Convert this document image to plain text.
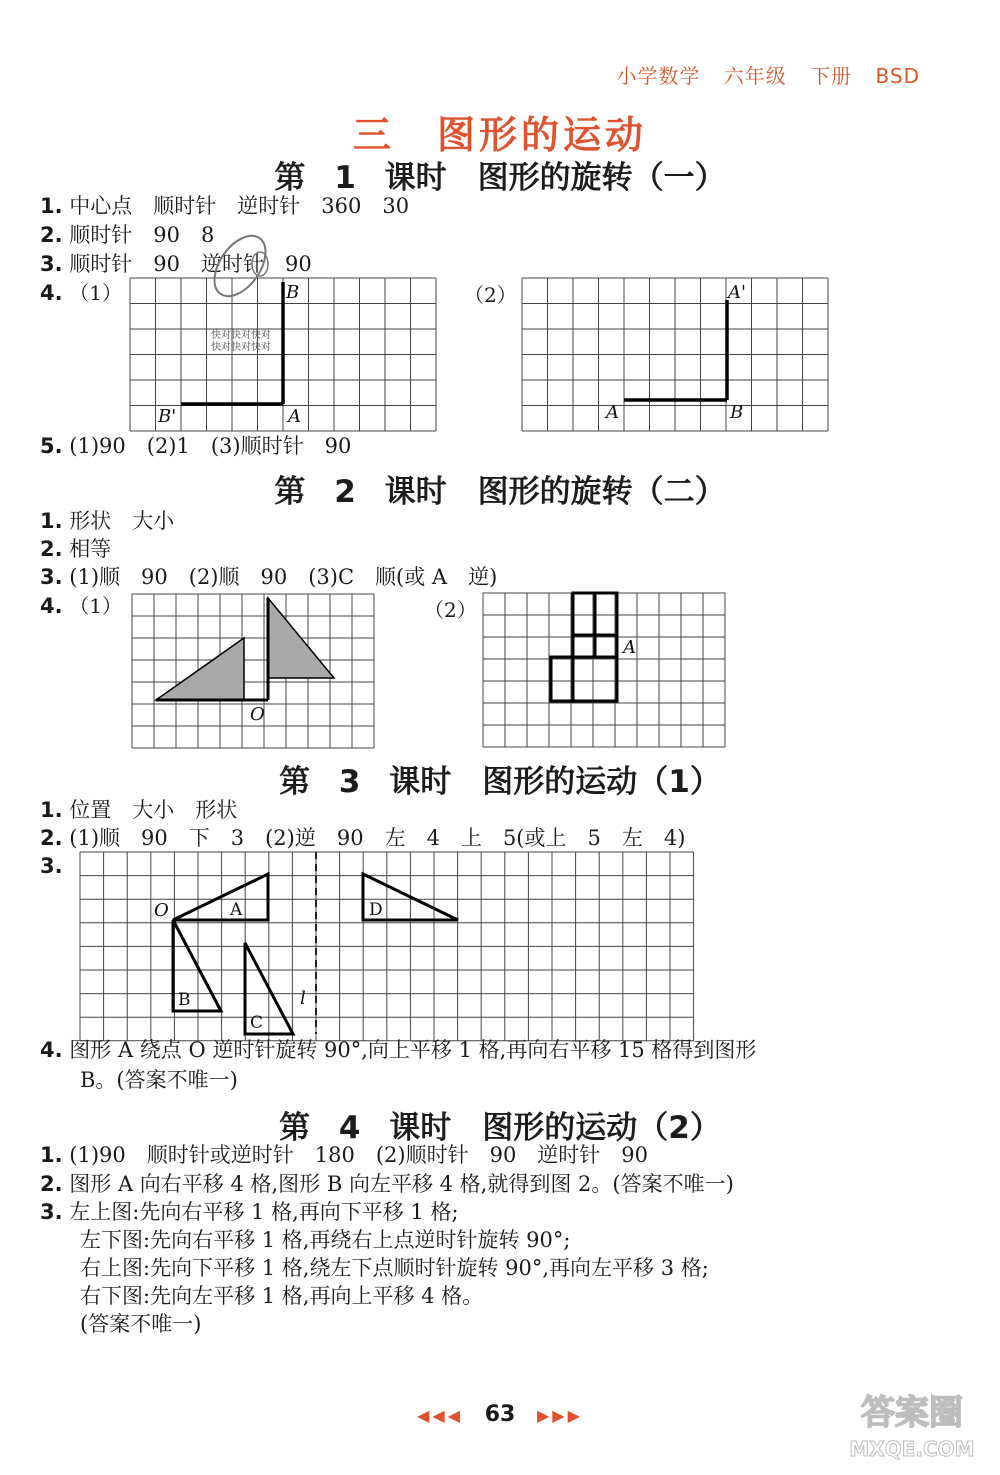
小学数学 六年级 下册 BSD
三　图形的运动
第 1 课时　图形的旋转（一）
1. 中心点　顺时针　逆时针　360　30
2. 顺时针　90　8
3. 顺时针　90　逆时针　90
4. （1）	（2）
B
B'	A
快对快对快对
快对快对快对
A'
A	B
5. (1)90　(2)1　(3)顺时针　90
第 2 课时　图形的旋转（二）
1. 形状　大小
2. 相等
3. (1)顺　90　(2)顺　90　(3)C　顺(或 A　逆)
4. （1）	（2）
O
A
第 3 课时　图形的运动（1）
1. 位置　大小　形状
2. (1)顺　90　下　3　(2)逆　90　左　4　上　5(或上　5　左　4)
3.
O	A	D
B
C
l
4. 图形 A 绕点 O 逆时针旋转 90°,向上平移 1 格,再向右平移 15 格得到图形
B。(答案不唯一)
第 4 课时　图形的运动（2）
1. (1)90　顺时针或逆时针　180　(2)顺时针　90　逆时针　90
2. 图形 A 向右平移 4 格,图形 B 向左平移 4 格,就得到图 2。(答案不唯一)
3. 左上图:先向右平移 1 格,再向下平移 1 格;
左下图:先向右平移 1 格,再绕右上点逆时针旋转 90°;
右上图:先向下平移 1 格,绕左下点顺时针旋转 90°,再向左平移 3 格;
右下图:先向左平移 1 格,再向上平移 4 格。
(答案不唯一)
◀◀◀ 63 ▶▶▶	答案圈
MXQE.COM
